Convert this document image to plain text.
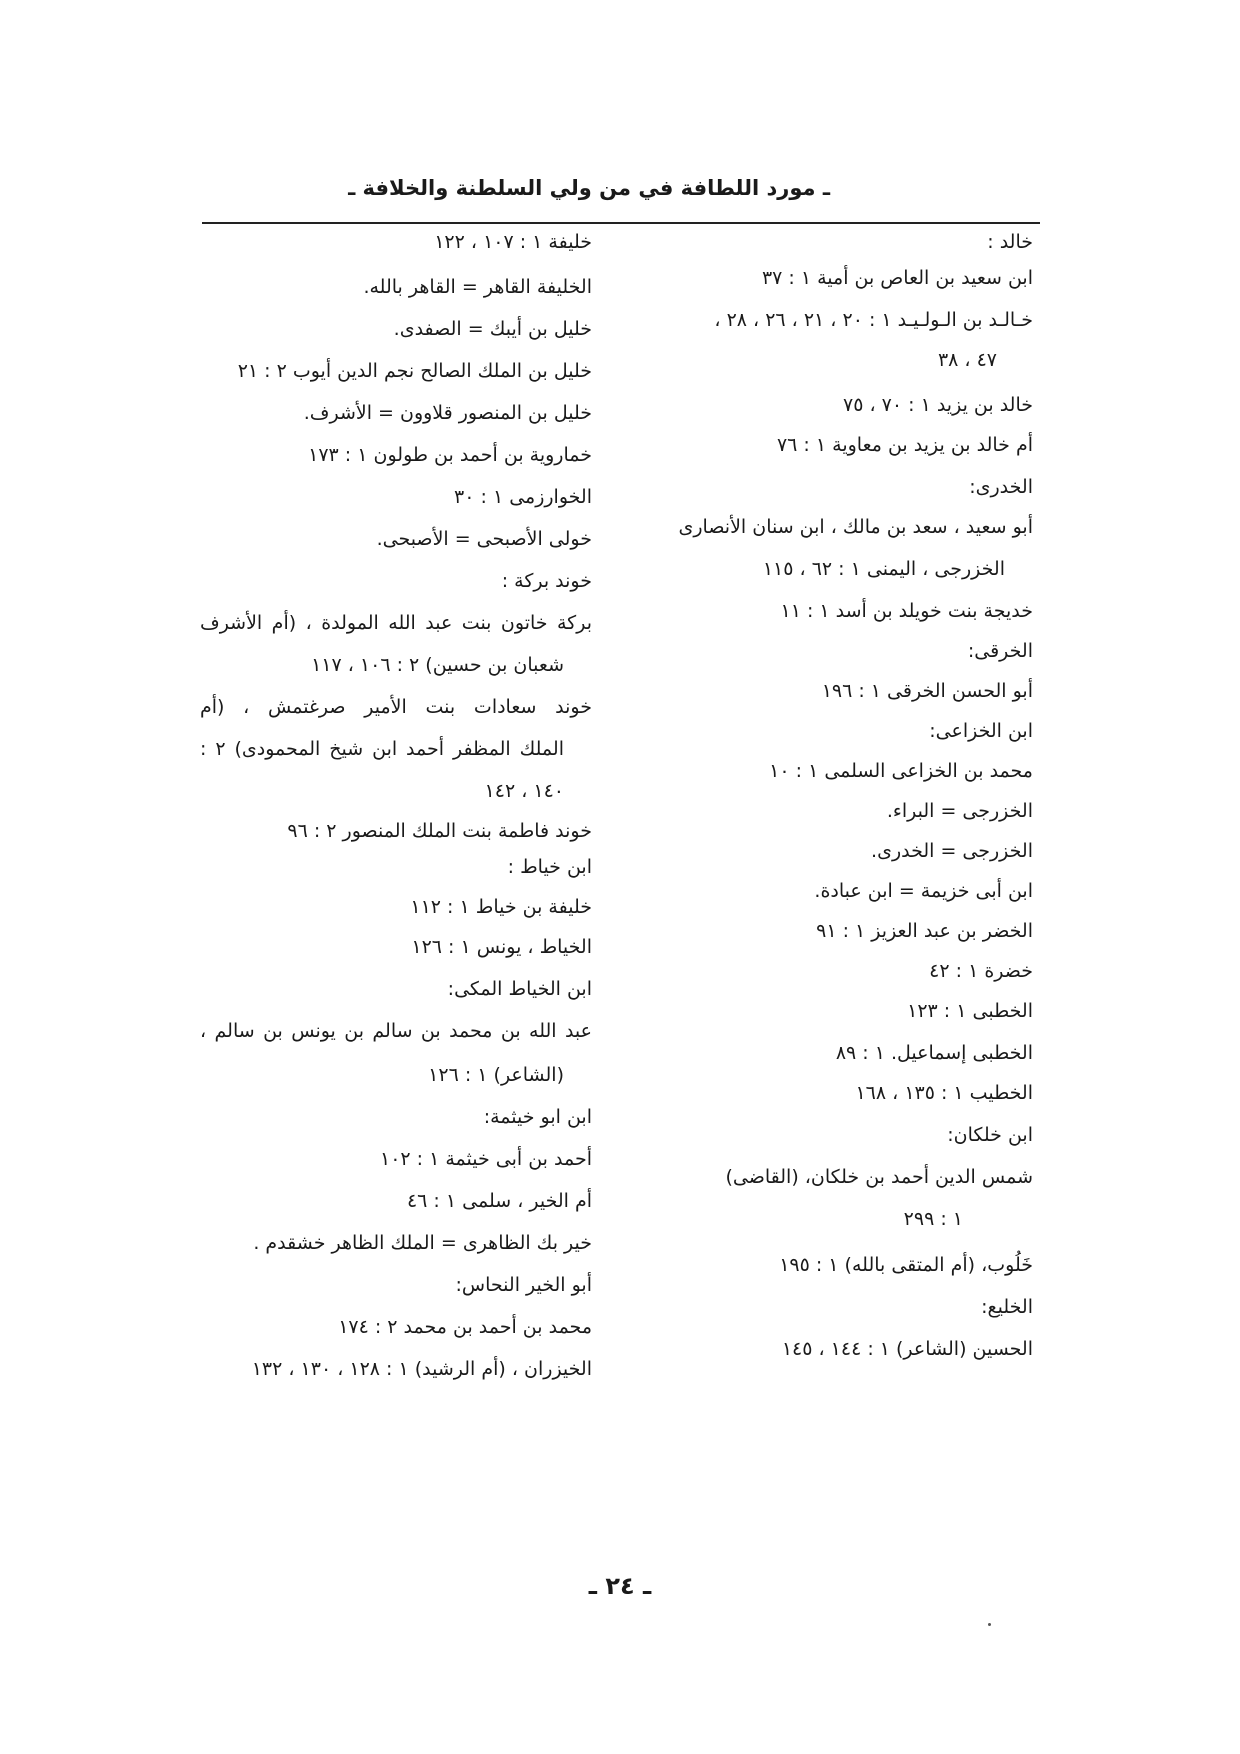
ـ مورد اللطافة في من ولي السلطنة والخلافة ـ
خالد :
ابن سعيد بن العاص بن أمية ١ : ٣٧
خـالـد بن الـولـيـد ١ : ٢٠ ، ٢١ ، ٢٦ ، ٢٨ ،
٤٧ ، ٣٨
خالد بن يزيد ١ : ٧٠ ، ٧٥
أم خالد بن يزيد بن معاوية ١ : ٧٦
الخدرى:
أبو سعيد ، سعد بن مالك ، ابن سنان الأنصارى
الخزرجى ، اليمنى ١ : ٦٢ ، ١١٥
خديجة بنت خويلد بن أسد ١ : ١١
الخرقى:
أبو الحسن الخرقى ١ : ١٩٦
ابن الخزاعى:
محمد بن الخزاعى السلمى ١ : ١٠
الخزرجى = البراء.
الخزرجى = الخدرى.
ابن أبى خزيمة = ابن عبادة.
الخضر بن عبد العزيز ١ : ٩١
خضرة ١ : ٤٢
الخطبى ١ : ١٢٣
الخطبى إسماعيل. ١ : ٨٩
الخطيب ١ : ١٣٥ ، ١٦٨
ابن خلكان:
شمس الدين أحمد بن خلكان، (القاضى)
١ : ٢٩٩
خَلُوب، (أم المتقى بالله) ١ : ١٩٥
الخليع:
الحسين (الشاعر) ١ : ١٤٤ ، ١٤٥
خليفة ١ : ١٠٧ ، ١٢٢
الخليفة القاهر = القاهر بالله.
خليل بن أيبك = الصفدى.
خليل بن الملك الصالح نجم الدين أيوب ٢ : ٢١
خليل بن المنصور قلاوون = الأشرف.
خماروية بن أحمد بن طولون ١ : ١٧٣
الخوارزمى ١ : ٣٠
خولى الأصبحى = الأصبحى.
خوند بركة :
بركة خاتون بنت عبد الله المولدة ، (أم الأشرف
شعبان بن حسين) ٢ : ١٠٦ ، ١١٧
خوند سعادات بنت الأمير صرغتمش ، (أم
الملك المظفر أحمد ابن شيخ المحمودى) ٢ :
١٤٠ ، ١٤٢
خوند فاطمة بنت الملك المنصور ٢ : ٩٦
ابن خياط :
خليفة بن خياط ١ : ١١٢
الخياط ، يونس ١ : ١٢٦
ابن الخياط المكى:
عبد الله بن محمد بن سالم بن يونس بن سالم ،
(الشاعر) ١ : ١٢٦
ابن ابو خيثمة:
أحمد بن أبى خيثمة ١ : ١٠٢
أم الخير ، سلمى ١ : ٤٦
خير بك الظاهرى = الملك الظاهر خشقدم .
أبو الخير النحاس:
محمد بن أحمد بن محمد ٢ : ١٧٤
الخيزران ، (أم الرشيد) ١ : ١٢٨ ، ١٣٠ ، ١٣٢
ـ ٢٤ ـ
